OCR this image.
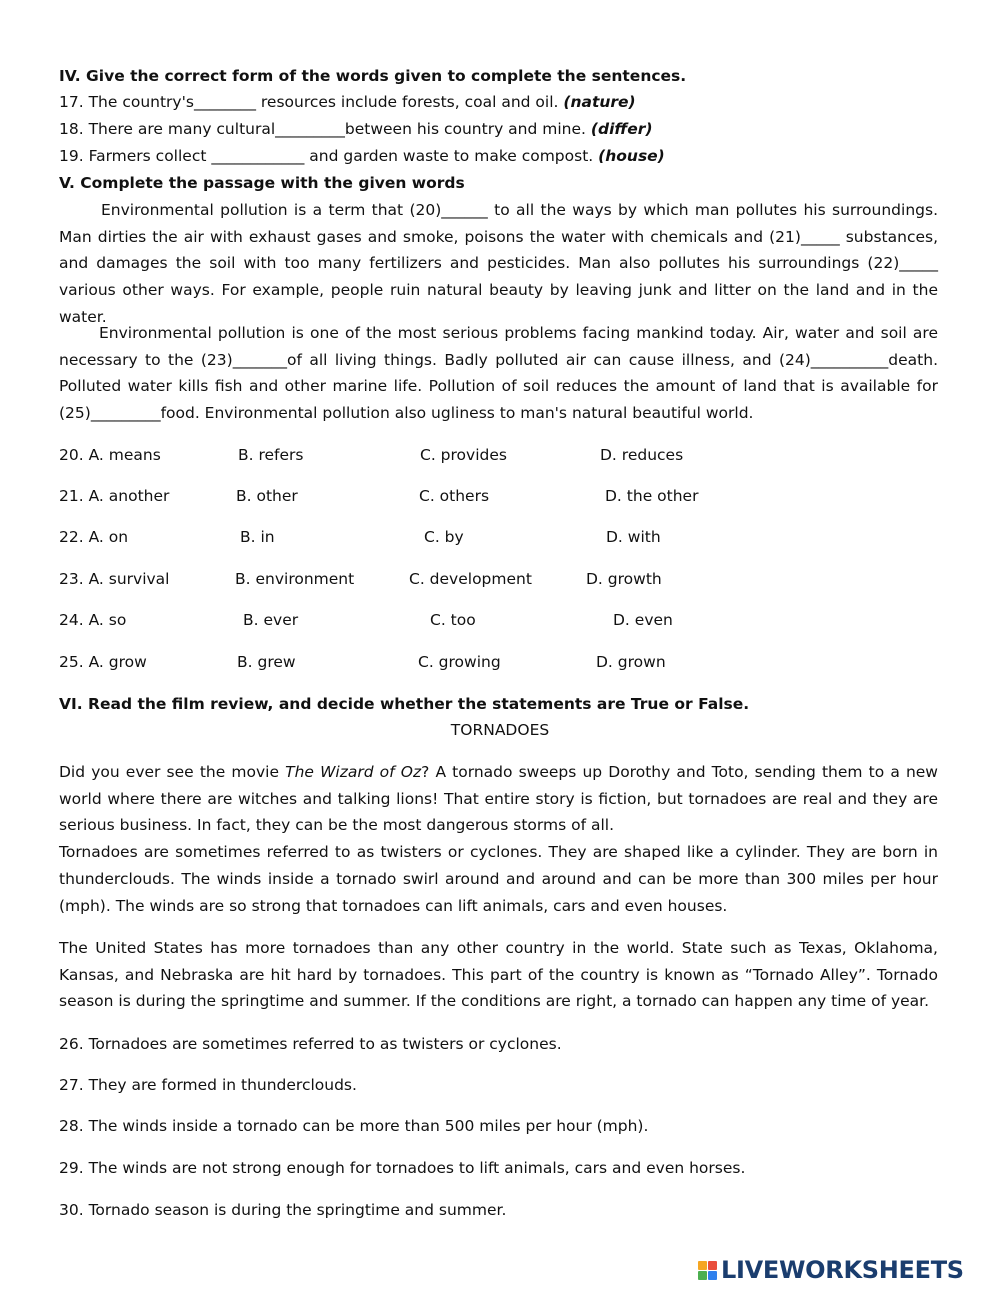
IV. Give the correct form of the words given to complete the sentences.
17. The country's________ resources include forests, coal and oil. (nature)
18. There are many cultural_________between his country and mine. (differ)
19. Farmers collect ____________ and garden waste to make compost. (house)
V. Complete the passage with the given words

Environmental pollution is a term that (20)______ to all the ways by which man pollutes his surroundings. Man dirties the air with exhaust gases and smoke, poisons the water with chemicals and (21)_____ substances, and damages the soil with too many fertilizers and pesticides. Man also pollutes his surroundings (22)_____ various other ways. For example, people ruin natural beauty by leaving junk and litter on the land and in the water.

Environmental pollution is one of the most serious problems facing mankind today. Air, water and soil are necessary to the (23)_______of all living things. Badly polluted air can cause illness, and (24)__________death. Polluted water kills fish and other marine life. Pollution of soil reduces the amount of land that is available for (25)_________food. Environmental pollution also ugliness to man's natural beautiful world.

20. A. means	B. refers	C. provides	D. reduces
21. A. another	B. other	C. others	D. the other
22. A. on	B. in	C. by	D. with
23. A. survival	B. environment	C. development	D. growth
24. A. so	B. ever	C. too	D. even
25. A. grow	B. grew	C. growing	D. grown
VI. Read the film review, and decide whether the statements are True or False.
TORNADOES

Did you ever see the movie The Wizard of Oz? A tornado sweeps up Dorothy and Toto, sending them to a new world where there are witches and talking lions! That entire story is fiction, but tornadoes are real and they are serious business. In fact, they can be the most dangerous storms of all.

Tornadoes are sometimes referred to as twisters or cyclones. They are shaped like a cylinder. They are born in thunderclouds. The winds inside a tornado swirl around and around and can be more than 300 miles per hour (mph). The winds are so strong that tornadoes can lift animals, cars and even houses.

The United States has more tornadoes than any other country in the world. State such as Texas, Oklahoma, Kansas, and Nebraska are hit hard by tornadoes. This part of the country is known as “Tornado Alley”. Tornado season is during the springtime and summer. If the conditions are right, a tornado can happen any time of year.

26. Tornadoes are sometimes referred to as twisters or cyclones.
27. They are formed in thunderclouds.
28. The winds inside a tornado can be more than 500 miles per hour (mph).
29. The winds are not strong enough for tornadoes to lift animals, cars and even horses.
30. Tornado season is during the springtime and summer.
LIVEWORKSHEETS
